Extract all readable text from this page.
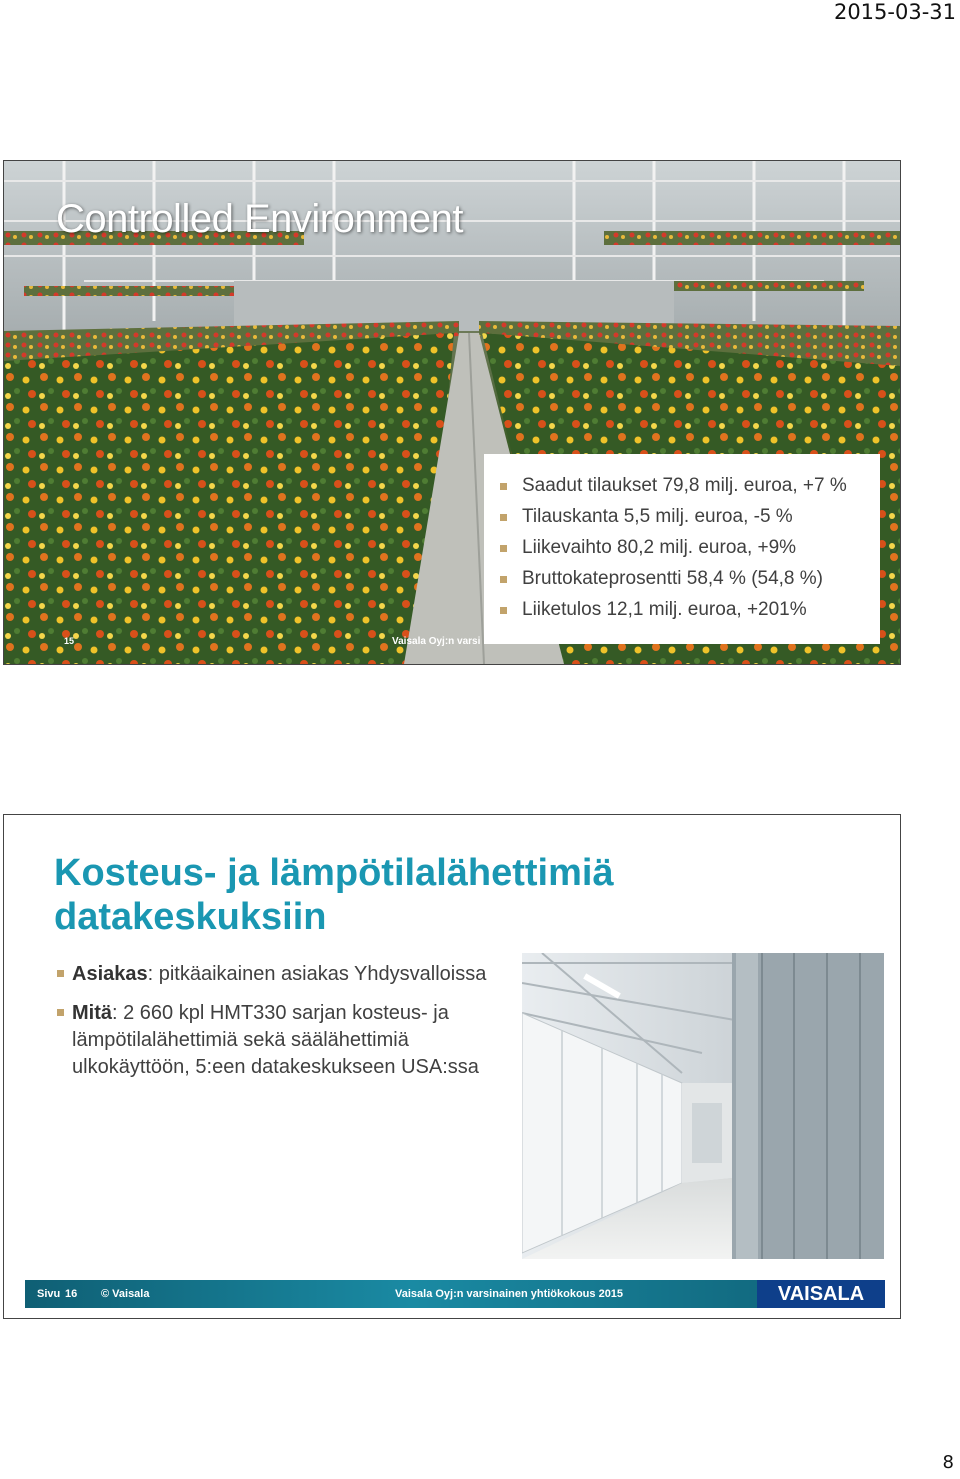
2015-03-31
Controlled Environment
Saadut tilaukset 79,8 milj. euroa, +7 %
Tilauskanta 5,5 milj. euroa, -5 %
Liikevaihto 80,2 milj. euroa, +9%
Bruttokateprosentti 58,4 % (54,8 %)
Liiketulos 12,1 milj. euroa, +201%
15	Vaisala Oyj:n varsi
Kosteus- ja lämpötilalähettimiä
datakeskuksiin
Asiakas: pitkäaikainen asiakas Yhdysvalloissa
Mitä: 2 660 kpl HMT330 sarjan kosteus- ja lämpötilalähettimiä sekä säälähettimiä ulkokäyttöön, 5:een datakeskukseen USA:ssa
Sivu 16 © Vaisala	Vaisala Oyj:n varsinainen yhtiökokous 2015	VAISALA
8
